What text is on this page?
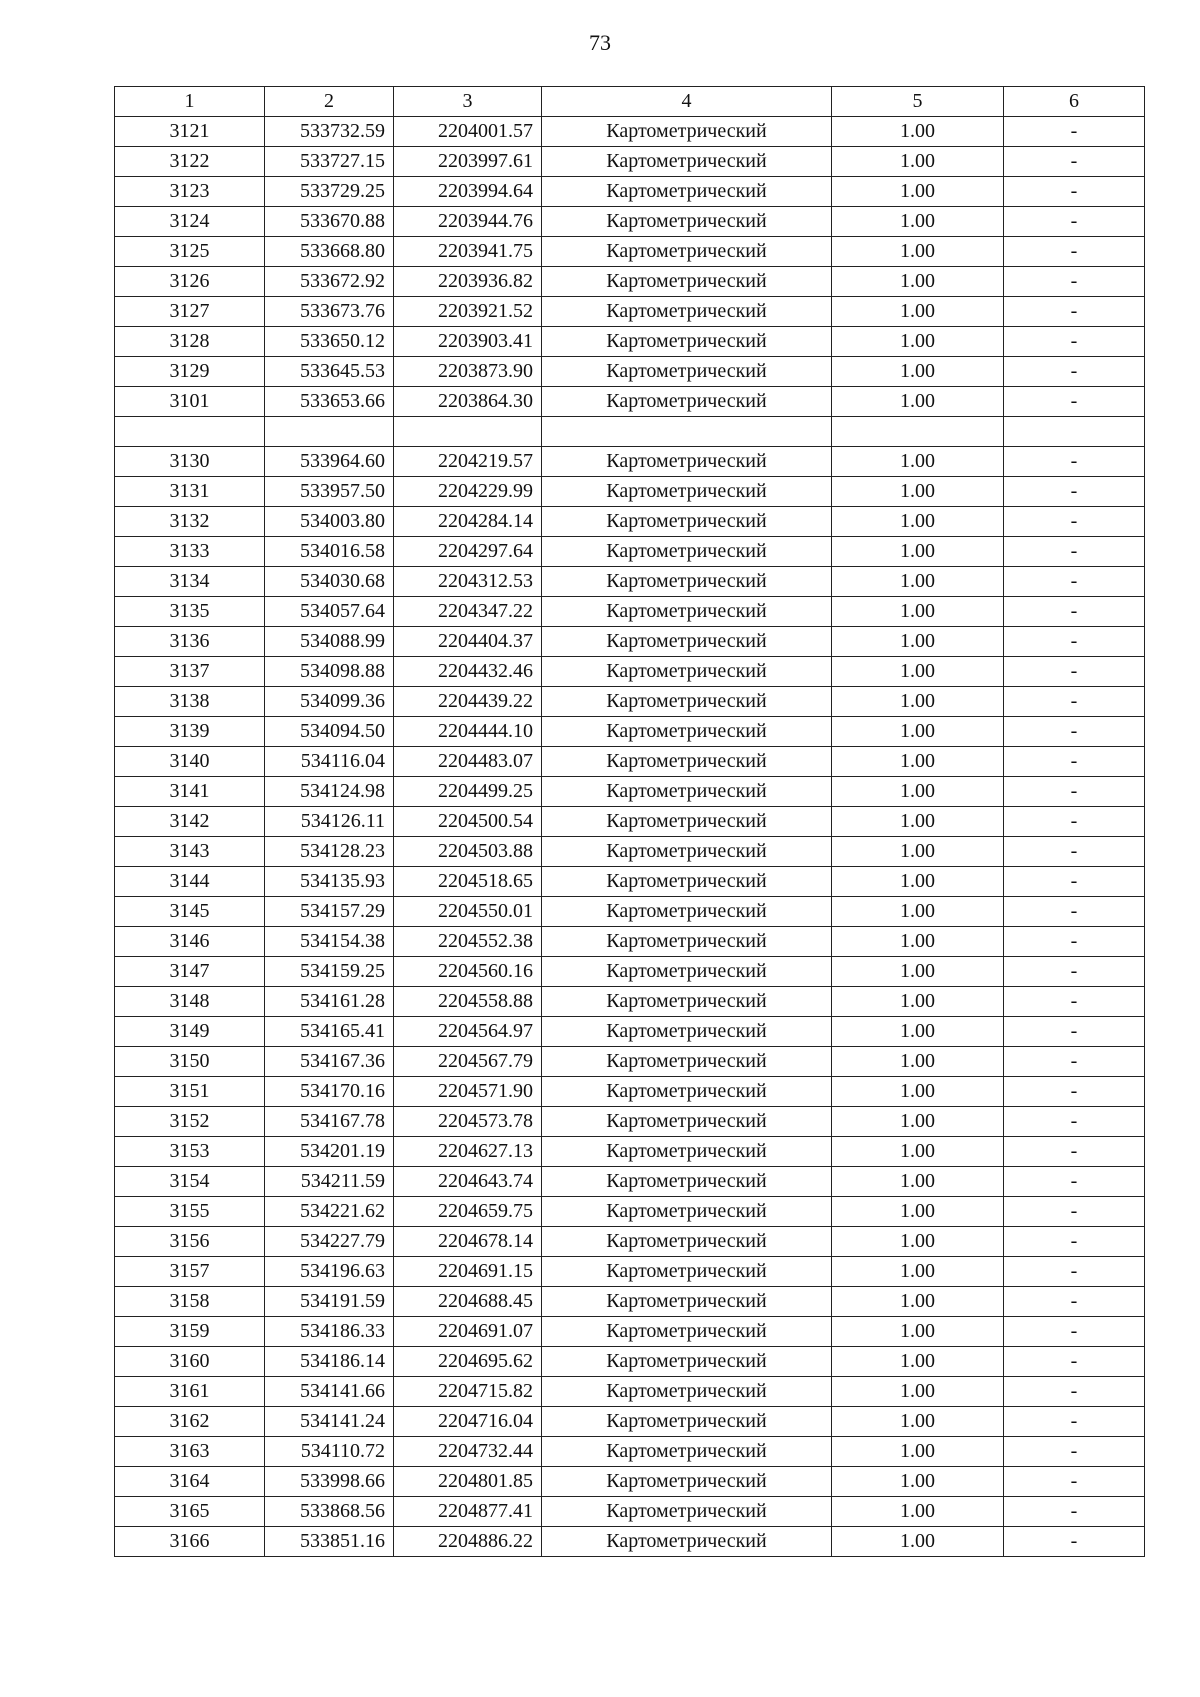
73
1	2	3	4	5	6
3121	533732.59	2204001.57	Картометрический	1.00	-
3122	533727.15	2203997.61	Картометрический	1.00	-
3123	533729.25	2203994.64	Картометрический	1.00	-
3124	533670.88	2203944.76	Картометрический	1.00	-
3125	533668.80	2203941.75	Картометрический	1.00	-
3126	533672.92	2203936.82	Картометрический	1.00	-
3127	533673.76	2203921.52	Картометрический	1.00	-
3128	533650.12	2203903.41	Картометрический	1.00	-
3129	533645.53	2203873.90	Картометрический	1.00	-
3101	533653.66	2203864.30	Картометрический	1.00	-

3130	533964.60	2204219.57	Картометрический	1.00	-
3131	533957.50	2204229.99	Картометрический	1.00	-
3132	534003.80	2204284.14	Картометрический	1.00	-
3133	534016.58	2204297.64	Картометрический	1.00	-
3134	534030.68	2204312.53	Картометрический	1.00	-
3135	534057.64	2204347.22	Картометрический	1.00	-
3136	534088.99	2204404.37	Картометрический	1.00	-
3137	534098.88	2204432.46	Картометрический	1.00	-
3138	534099.36	2204439.22	Картометрический	1.00	-
3139	534094.50	2204444.10	Картометрический	1.00	-
3140	534116.04	2204483.07	Картометрический	1.00	-
3141	534124.98	2204499.25	Картометрический	1.00	-
3142	534126.11	2204500.54	Картометрический	1.00	-
3143	534128.23	2204503.88	Картометрический	1.00	-
3144	534135.93	2204518.65	Картометрический	1.00	-
3145	534157.29	2204550.01	Картометрический	1.00	-
3146	534154.38	2204552.38	Картометрический	1.00	-
3147	534159.25	2204560.16	Картометрический	1.00	-
3148	534161.28	2204558.88	Картометрический	1.00	-
3149	534165.41	2204564.97	Картометрический	1.00	-
3150	534167.36	2204567.79	Картометрический	1.00	-
3151	534170.16	2204571.90	Картометрический	1.00	-
3152	534167.78	2204573.78	Картометрический	1.00	-
3153	534201.19	2204627.13	Картометрический	1.00	-
3154	534211.59	2204643.74	Картометрический	1.00	-
3155	534221.62	2204659.75	Картометрический	1.00	-
3156	534227.79	2204678.14	Картометрический	1.00	-
3157	534196.63	2204691.15	Картометрический	1.00	-
3158	534191.59	2204688.45	Картометрический	1.00	-
3159	534186.33	2204691.07	Картометрический	1.00	-
3160	534186.14	2204695.62	Картометрический	1.00	-
3161	534141.66	2204715.82	Картометрический	1.00	-
3162	534141.24	2204716.04	Картометрический	1.00	-
3163	534110.72	2204732.44	Картометрический	1.00	-
3164	533998.66	2204801.85	Картометрический	1.00	-
3165	533868.56	2204877.41	Картометрический	1.00	-
3166	533851.16	2204886.22	Картометрический	1.00	-
